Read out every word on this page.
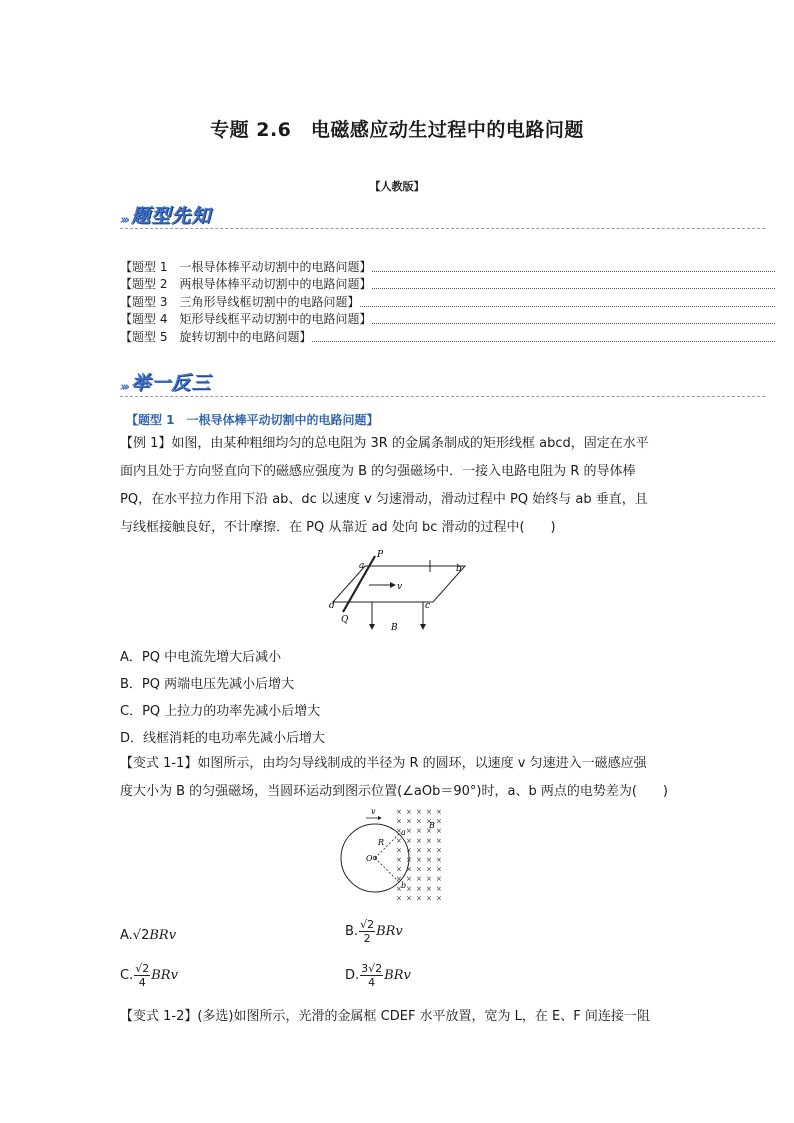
专题 2.6　电磁感应动生过程中的电路问题
【人教版】
››› 题型先知
【题型 1　一根导体棒平动切割中的电路问题】
【题型 2　两根导体棒平动切割中的电路问题】
【题型 3　三角形导线框切割中的电路问题】
【题型 4　矩形导线框平动切割中的电路问题】
【题型 5　旋转切割中的电路问题】
››› 举一反三
【题型 1　一根导体棒平动切割中的电路问题】
【例 1】如图，由某种粗细均匀的总电阻为 3R 的金属条制成的矩形线框 abcd，固定在水平
面内且处于方向竖直向下的磁感应强度为 B 的匀强磁场中．一接入电路电阻为 R 的导体棒
PQ，在水平拉力作用下沿 ab、dc 以速度 v 匀速滑动，滑动过程中 PQ 始终与 ab 垂直，且
与线框接触良好，不计摩擦．在 PQ 从靠近 ad 处向 bc 滑动的过程中(　　)
P
a	b
c
d
Q
v
B
A．PQ 中电流先增大后减小
B．PQ 两端电压先减小后增大
C．PQ 上拉力的功率先减小后增大
D．线框消耗的电功率先减小后增大
【变式 1-1】如图所示，由均匀导线制成的半径为 R 的圆环，以速度 v 匀速进入一磁感应强
度大小为 B 的匀强磁场，当圆环运动到图示位置(∠aOb＝90°)时，a、b 两点的电势差为(　　)
v
R
O
a
b
B
× × × × ×
× × × × ×
× × × × ×
× × × × ×
× × × × ×
× × × × ×
× × × × ×
× × × × ×
× × × × ×
× × × × ×
A.√2BRv	B. $\frac{√2}{2}$ BRv
C. $\frac{√2}{4}$ BRv	D. $\frac{3√2}{4}$ BRv
【变式 1-2】(多选)如图所示，光滑的金属框 CDEF 水平放置，宽为 L，在 E、F 间连接一阻
